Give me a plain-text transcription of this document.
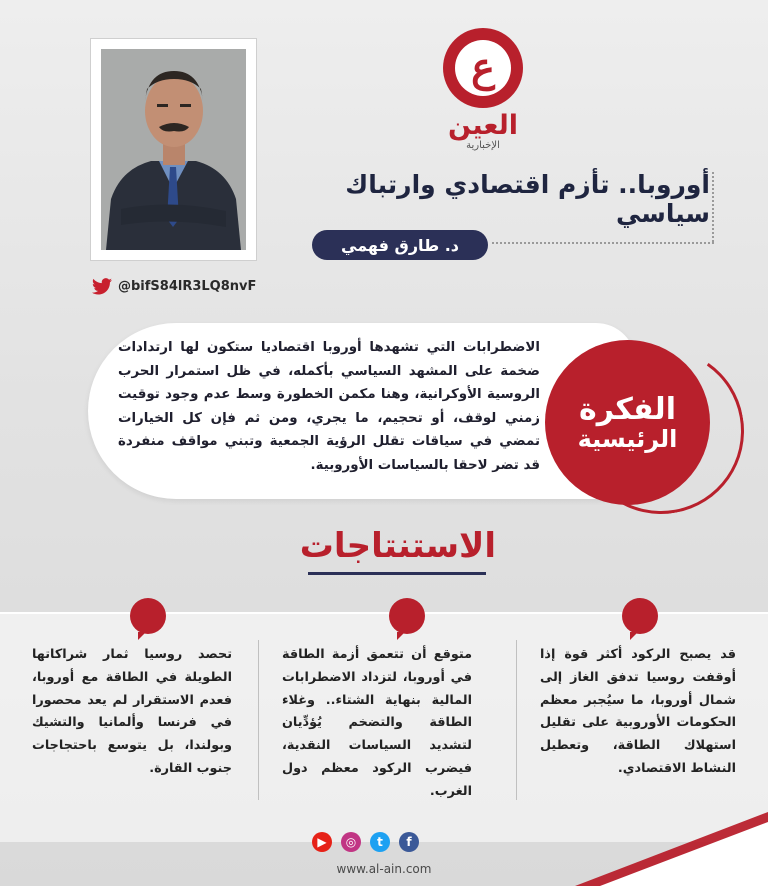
ع
العين
الإخبارية
@bifS84lR3LQ8nvF
أوروبا.. تأزم اقتصادي وارتباك سياسي
د. طارق فهمي
الاضطرابات التي تشهدها أوروبا اقتصاديا ستكون لها ارتدادات ضخمة على المشهد السياسي بأكمله، في ظل استمرار الحرب الروسية الأوكرانية، وهنا مكمن الخطورة وسط عدم وجود توقيت زمني لوقف، أو تحجيم، ما يجري، ومن ثم فإن كل الخيارات تمضي في سياقات تقلل الرؤية الجمعية وتبني مواقف منفردة قد تضر لاحقا بالسياسات الأوروبية.
الفكرة
الرئيسية
الاستنتاجات
قد يصبح الركود أكثر قوة إذا أوقفت روسيا تدفق الغاز إلى شمال أوروبا، ما سيُجبر معظم الحكومات الأوروبية على تقليل استهلاك الطاقة، وتعطيل النشاط الاقتصادي.
متوقع أن تتعمق أزمة الطاقة في أوروبا، لتزداد الاضطرابات المالية بنهاية الشتاء.. وغلاء الطاقة والتضخم يُؤدِّيان لتشديد السياسات النقدية، فيضرب الركود معظم دول الغرب.
تحصد روسيا ثمار شراكاتها الطويلة في الطاقة مع أوروبا، فعدم الاستقرار لم يعد محصورا في فرنسا وألمانيا والتشيك وبولندا، بل يتوسع باحتجاجات جنوب القارة.
▶	◎	t	f
www.al-ain.com
